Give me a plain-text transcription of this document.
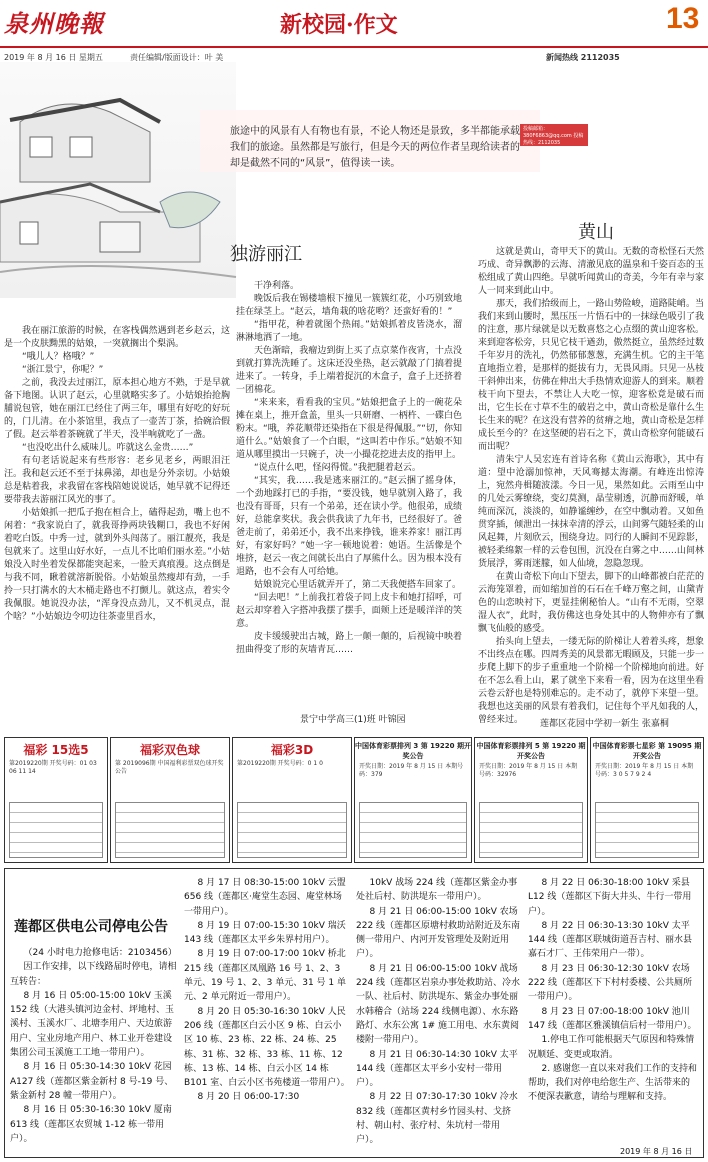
泉州晚報	新校园·作文	13
2019 年 8 月 16 日 星期五	责任编辑/版面设计：叶 美	新闻热线 2112035
旅途中的风景有人有物也有景，不论人物还是景致，多半都能承载我们的旅途。虽然都是写旅行，但是今天的两位作者呈现给读者的却是截然不同的“风景”，值得读一读。
投稿邮箱：380F6863@qq.com 投稿热线：2112035
独游丽江

我在丽江旅游的时候，在客栈偶然遇到老乡赵云，这是一个皮肤黝黑的姑娘，一突就搁出个梨涡。

“哦儿人？格哦？”

“浙江景宁，你呢？”

之前，我没去过丽江，原本担心地方不熟，于是早就备下地图。认识了赵云，心里就略实多了。小姑娘抬抢胸脯说包管，她在丽江已经住了两三年，哪里有好吃的好玩的，门儿清。在小茶馆里，我点了一壶苦丁茶，拾碗洽假了假。赵云举着茶碗就了半天，没半响就吃了一盏。

“也没吃出什么威味儿。咋就这么金贵……”

有句老话说起来有些形容：老乡见老乡，两眼泪汪汪。我和赵云还不至于抹鼻涕，却也是分外亲切。小姑娘总是粘着我，求我留在客栈陪她说说话，她早就不记得还要带我去游丽江风光的事了。

小姑娘抓一把瓜子抱在桓合上，磕得起劲，嘴上也不闲着：“我家说白了，就我哥挣两块钱糊口，我也不好闲着吃白饭。中秀一过，就到外头闯荡了。丽江靓亮，我是包就来了。这里山好水好，一点儿不比咱们丽水差。”小姑娘没入时坐着发保都能突起来，一脸天真痕漫。这点倒是与我不同，瞅着就溶新脱俗。小姑娘虽然瘦却有劲，一手拎一只打满水的大木桶走路也不打颤儿。就这点，着实令我佩服。她说没办法，“浑身没点劲儿，又不机灵点，混个啥？”小姑娘边令叨边往茶壶里舀水，

干净利落。

晚饭后我在锡楼墙根下撞见一簇簇红花，小巧别致地挂在绿茎上。“赵云，墙角栽的啥花哟？还蛮好看的！”

“指甲花，种着就图个热闹。”姑娘抓着皮皆浇水，溜淋淋地洒了一地。

天色渐暗，我瘤边到街上买了点京菜作夜宵，十点没到就打算洗洗睡了。这床还没坐热，赵云就敲了门搞着提进来了。一转身，手上端着捉沉的木盒子，盒子上还挤着一团棉花。

“来来来，看看我的宝贝。”姑娘把盒子上的一碗花朵摊在桌上，推开盒盖，里头一只研磨、一柄杵、一碟白色粉末。“哦，养花顺带还染指在下很是得佩服。”“切，你知道什么。”姑娘食了一个白眼，“这叫若中作乐。”姑娘不知道从哪里摸出一只碗子，决一小撮花挖进去皮的指甲上。

“说点什么吧，怪闷得慌。”我把腿着赵云。

“其实，我……我是逃来丽江的。”赵云捆了摇身体，一个劲地踩打已的手指，“要没钱，她早就别入路了，我也没有哥哥，只有一个弟弟，还在读小学。他很弟，成绩好，总能拿奖状。我会供我读了九年书，已经很好了。爸爸走前了，弟弟还小，我不出来挣钱，谁来养家！丽江再好，有家好吗？”她一字一顿地说着：她语。生活像是个堆挤，赵云一夜之间就长出白了厚熊什么。因为根本没有退路，也不会有人可给她。

姑娘说完心里话就弄开了，第二天我便搭车回家了。

“回去吧！”上前我扛着袋子同上皮卡和她打招呼，可赵云却穿着入字搭冲我摆了摆手，面颊上还是暖洋洋的笑意。

皮卡缓缓驶出古城，路上一颠一颠的，后视镜中映着扭曲得变了形的灰墙青瓦……

景宁中学高三(1)班 叶锦园
黄山

这就是黄山，奇甲天下的黄山。无数的奇松怪石天然巧成、奇异飘渺的云海、清澈见底的温泉和千姿百态的玉松组成了黄山四绝。早就听闻黄山的奇美，今年有幸与家人一同来到此山中。

那天，我们拾级而上，一路山势险峻，道路陡峭。当我们来到山腰时，黑压压一片悟石中的一抹绿色吸引了我的注意，那片绿就是以无数喜悠之心点缀的黄山迎客松。来到迎客松旁，只见它枝干遒劲，傲然挺立，虽然经过数千年岁月的洗礼，仍然郁郁葱葱，充满生机。它的主干笔直地指立着，是那样的挺拔有力，无畏风雨。只见一丛枝干斜伸出来，仿佛在伸出大手热情欢迎游人的到来。顺着枝干向下望去，不禁让人大吃一惊，迎客松竟是破石而出，它生长在寸草不生的破岩之中，黄山奇松是靠什么生长生来的呢？在这没有营养的贫瘠之地，黄山奇松是怎样成长至今的？在这坚硬的岩石之下，黄山奇松穿何能破石而出呢？

清朱宁人吴宏连有首诗名称《黄山云海歌》，其中有道：望中沧溺加惊神，天风骞撼太海潮。有峰连出惊涛上，宛然舟楫随波漾。今日一见，果然如此。云雨至山中的几处云雾缭绕，变幻莫测，晶莹剔透，沉静而舒暖，单纯而深沉，淡淡的，如静谧缠纱，在空中飘动着。又如鱼贯穿插，倾泄出一抹抹幸清的浮云，山间雾气随轻柔的山风起舞，片刻欣云，围绕身边。同行的人瞬间不见踪影，被轻柔绵絮一样的云卷包围，沉没在白雾之中……山间林货展浮，雾雨迷朦，如人仙境，忽隐忽现。

在黄山奇松下向山下望去，脚下的山峰都被白茫茫的云海笼罩着，而如缩加首的石石在千峰万壑之间，山黛青色的山恋映衬下，更显挂俐秘怡人。“山有不无雨，空翠湿人衣”，此时，我仿佛这也身处其中的人物伸亦有了飘飘飞仙般的感受。

抬头向上望去，一缕无际的阶梯让人着着头疼，想象不出终点在哪。四周秀美的风景都无暇顾及，只能一步一步爬上脚下的步子重重地一个阶梯一个阶梯地向前进。好在不怎么看上山，累了就坐下来看一看，因为在这里坐看云卷云舒也是特别难忘的。走不动了，就停下来望一望。我想也这美丽的风景有着我们，记住每个平凡如我的人，曾经来过。	莲都区花园中学初一新生 张嘉桐
福彩 15选5
第2019220期 开奖号码：01 03 06 11 14
福彩双色球
第 2019096期 中国福利彩票双色球开奖公告
福彩3D
第2019220期 开奖号码：0 1 0
中国体育彩票排列 3 第 19220 期开奖公告
开奖日期：2019 年 8 月 15 日 本期号码：379
中国体育彩票排列 5 第 19220 期开奖公告
开奖日期：2019 年 8 月 15 日 本期号码：32976
中国体育彩票七星彩 第 19095 期开奖公告
开奖日期：2019 年 8 月 15 日 本期号码：3 0 5 7 9 2 4
莲都区供电公司停电公告

（24 小时电力抢修电话：2103456）

因工作安排，以下线路届时停电，请相互转告：

8 月 16 日 05:00-15:00 10kV 玉溪 152 线（大港头镇河边金村、坪地村、玉溪村、玉溪水厂、北塘李用户、天边旅游用户、宝业房地产用户、林工业开卷建设集团公司玉溪施工工地一带用户）。

8 月 16 日 05:30-14:30 10kV 花园 A127 线（莲都区紫金新村 8 号-19 号、紫金新村 28 幢一带用户）。

8 月 16 日 05:30-16:30 10kV 厦南 613 线（莲都区农贸城 1-12 栋一带用户）。

8 月 17 日 08:30-15:00 10kV 云盟 656 线（莲都区·庵堂生态园、庵堂林场一带用户）。

8 月 19 日 07:00-15:30 10kV 瑞沃 143 线（莲都区太平乡朱界村用户）。

8 月 19 日 07:00-17:00 10kV 桥北 215 线（莲都区凤凰路 16 号 1、2、3 单元、19 号 1、2、3 单元、31 号 1 单元、2 单元附近一带用户）。

8 月 20 日 05:30-16:30 10kV 人民 206 线（莲都区白云小区 9 栋、白云小区 10 栋、23 栋、22 栋、24 栋、25 栋、31 栋、32 栋、33 栋、11 栋、12 栋、13 栋、14 栋、白云小区 14 栋 B101 室、白云小区书苑楼道一带用户）。

8 月 20 日 06:00-17:30

10kV 战场 224 线（莲都区紫金办事处社后村、防洪堤东一带用户）。

8 月 21 日 06:00-15:00 10kV 农场 222 线（莲都区原塘村救助站附近及东南侧一带用户、内河开发管理处及附近用户）。

8 月 21 日 06:00-15:00 10kV 战场 224 线（莲都区岩泉办事处救助站、冷水一队、社后村、防洪堤东、紫金办事处丽水韩稽合（站场 224 线侧电源）、水东路路灯、水东公寓 1# 施工用电、水东黄阅楼附一带用户）。

8 月 21 日 06:30-14:30 10kV 太平 144 线（莲都区太平乡小安村一带用户）。

8 月 22 日 07:30-17:30 10kV 冷水 832 线（莲都区黄村乡竹园头村、戈挤村、朝山村、张疗村、朱坑村一带用户）。

8 月 22 日 06:30-18:00 10kV 采县 L12 线（莲都区下街大井头、牛行一带用户）。

8 月 22 日 06:30-13:30 10kV 太平 144 线（莲都区联城街道吾吉村、丽水县嘉石才厂、王伟荣用户一带）。

8 月 23 日 06:30-12:30 10kV 农场 222 线（莲都区下下村村委楼、公共厕所一带用户）。

8 月 23 日 07:00-18:00 10kV 池川 147 线（莲都区雅溪镇信后村一带用户）。

1.停电工作可能根据天气原因和特殊情况顺延、变更或取消。

2. 感谢您一直以来对我们工作的支持和帮助，我们对停电给您生产、生活带来的不便深表歉意，请给与理解和支持。

2019 年 8 月 16 日
